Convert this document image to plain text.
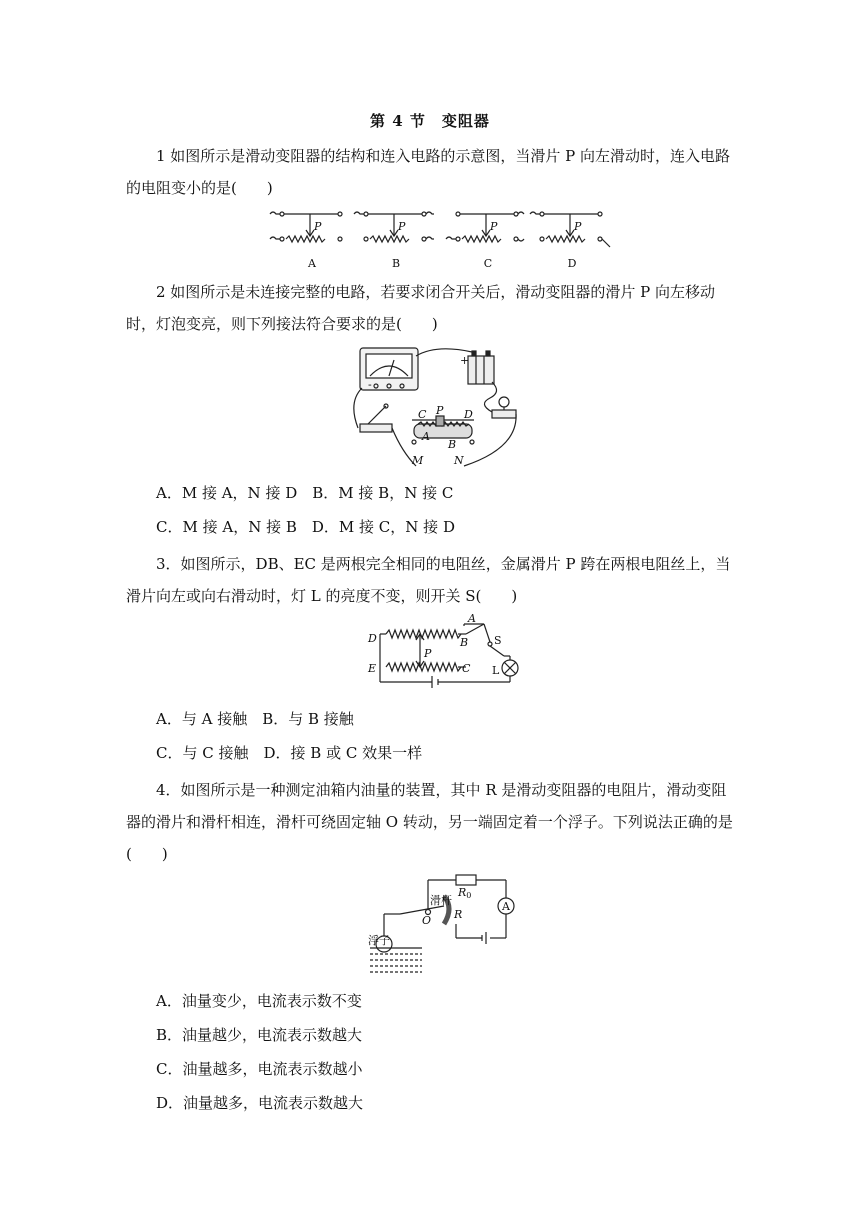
第 4 节　变阻器
1 如图所示是滑动变阻器的结构和连入电路的示意图，当滑片 P 向左滑动时，连入电路的电阻变小的是(　　)
P	P	P	P
A	B	C	D
2 如图所示是未连接完整的电路，若要求闭合开关后，滑动变阻器的滑片 P 向左移动时，灯泡变亮，则下列接法符合要求的是(　　)
+
-
C P D
A
B
M	N
A．M 接 A，N 接 D　B．M 接 B，N 接 C
C．M 接 A，N 接 B　D．M 接 C，N 接 D
3．如图所示，DB、EC 是两根完全相同的电阻丝，金属滑片 P 跨在两根电阻丝上，当滑片向左或向右滑动时，灯 L 的亮度不变，则开关 S(　　)
A
D	B
P
E	C
S
L
A．与 A 接触　B．与 B 接触
C．与 C 接触　D．接 B 或 C 效果一样
4．如图所示是一种测定油箱内油量的装置，其中 R 是滑动变阻器的电阻片，滑动变阻器的滑片和滑杆相连，滑杆可绕固定轴 O 转动，另一端固定着一个浮子。下列说法正确的是(　　)
R0
A
滑杆
O R
浮子
A．油量变少，电流表示数不变
B．油量越少，电流表示数越大
C．油量越多，电流表示数越小
D．油量越多，电流表示数越大
